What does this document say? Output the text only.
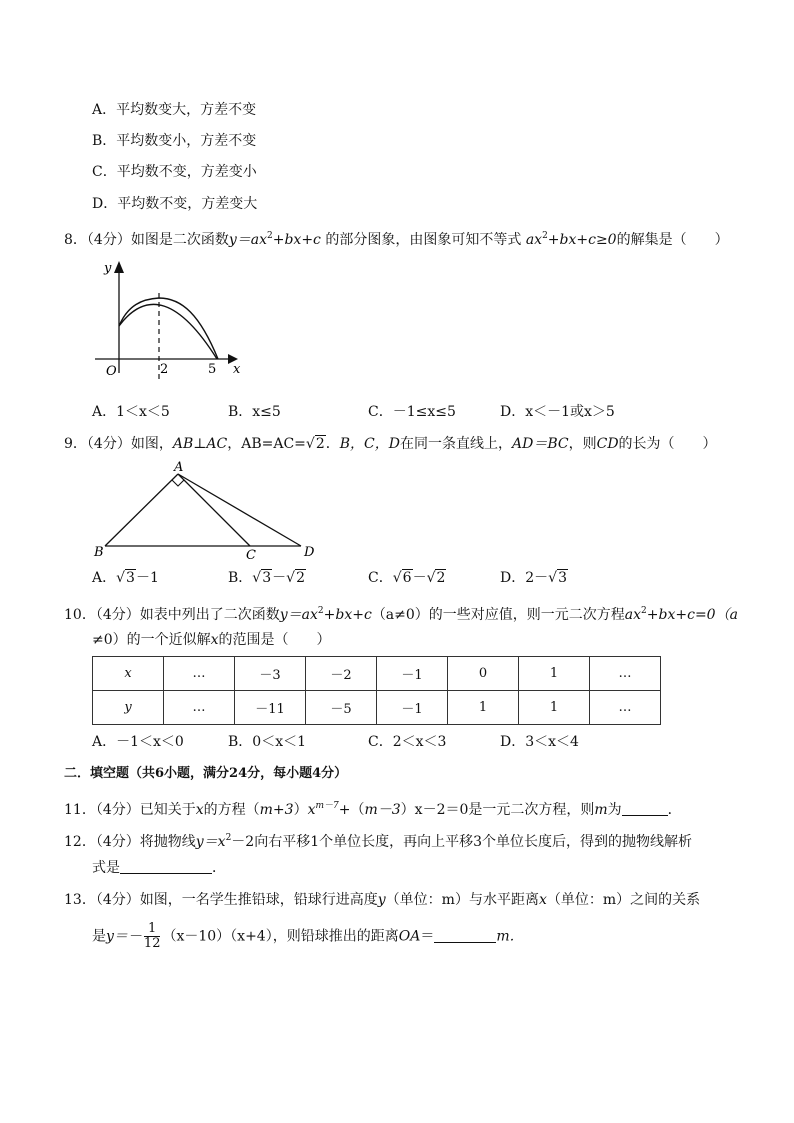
A．平均数变大，方差不变
B．平均数变小，方差不变
C．平均数不变，方差变小
D．平均数不变，方差变大
8．（4分）如图是二次函数$y=ax^2+bx+c$ 的部分图象，由图象可知不等式 $ax^2+bx+c\ge 0$的解集是（　　）
y
x
O	2	5
A．1＜x＜5	B．x≤5	C．－1≤x≤5	D．x＜－1或x＞5
9．（4分）如图，AB⊥AC，AB=AC=√2．B，C，D在同一条直线上，AD＝BC，则CD的长为（　　）
A
B	C	D
A．√3－1	B．√3－√2	C．√6－√2	D．2－√3
10．（4分）如表中列出了二次函数$y=ax^2+bx+c(a\ne 0)$的一些对应值，则一元二次方程$ax^2+bx+c=0(a$
≠0）的一个近似解x的范围是（　　）
x	…	－3	－2	－1	0	1	…
y	…	－11	－5	－1	1	1	…
A．－1＜x＜0	B．0＜x＜1	C．2＜x＜3	D．3＜x＜4
二．填空题（共6小题，满分24分，每小题4分）
11．（4分）已知关于x的方程$(m+3)x^{m-7}+(m-3)x-2=0$是一元二次方程，则m为	．
12．（4分）将抛物线$y=x^2-2$向右平移1个单位长度，再向上平移3个单位长度后，得到的抛物线解析
式是	．
13．（4分）如图，一名学生推铅球，铅球行进高度y（单位：m）与水平距离x（单位：m）之间的关系
是$y=- \frac{1}{12} (x-10)(x+4)$，则铅球推出的距离OA＝	m．
